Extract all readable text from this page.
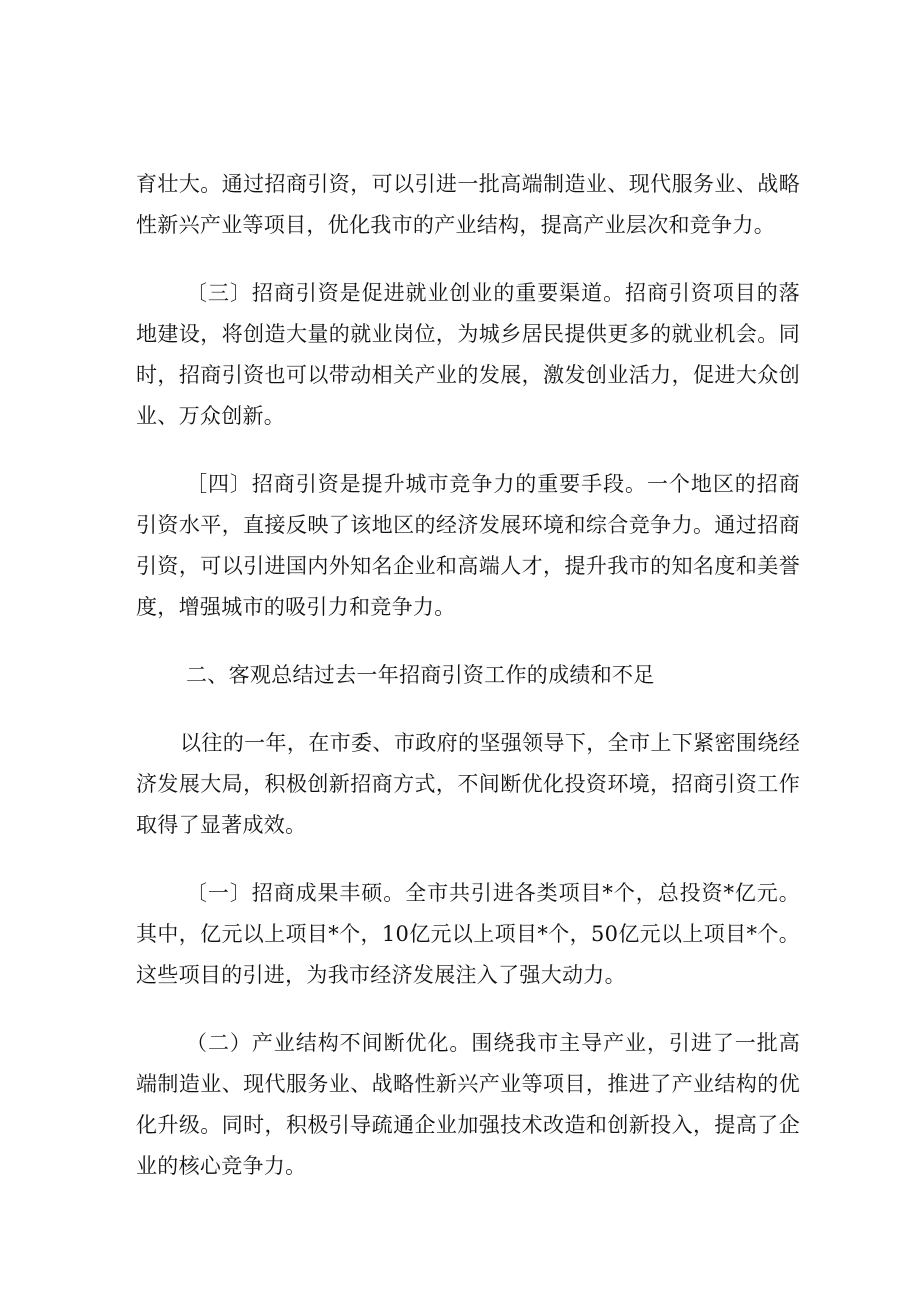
育壮大。通过招商引资，可以引进一批高端制造业、现代服务业、战略性新兴产业等项目，优化我市的产业结构，提高产业层次和竞争力。

〔三〕招商引资是促进就业创业的重要渠道。招商引资项目的落地建设，将创造大量的就业岗位，为城乡居民提供更多的就业机会。同时，招商引资也可以带动相关产业的发展，激发创业活力，促进大众创业、万众创新。

［四〕招商引资是提升城市竞争力的重要手段。一个地区的招商引资水平，直接反映了该地区的经济发展环境和综合竞争力。通过招商引资，可以引进国内外知名企业和高端人才，提升我市的知名度和美誉度，增强城市的吸引力和竞争力。

二、客观总结过去一年招商引资工作的成绩和不足

以往的一年，在市委、市政府的坚强领导下，全市上下紧密围绕经济发展大局，积极创新招商方式，不间断优化投资环境，招商引资工作取得了显著成效。

〔一〕招商成果丰硕。全市共引进各类项目*个，总投资*亿元。其中，亿元以上项目*个，10亿元以上项目*个，50亿元以上项目*个。这些项目的引进，为我市经济发展注入了强大动力。

（二）产业结构不间断优化。围绕我市主导产业，引进了一批高端制造业、现代服务业、战略性新兴产业等项目，推进了产业结构的优化升级。同时，积极引导疏通企业加强技术改造和创新投入，提高了企业的核心竞争力。
